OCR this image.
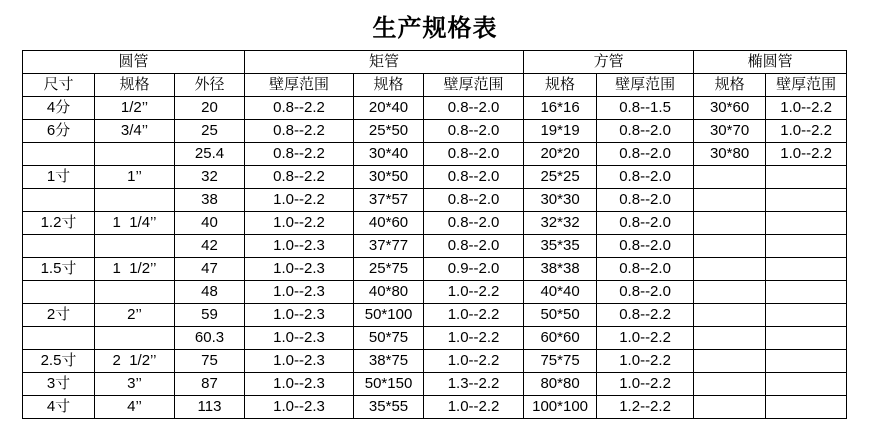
生产规格表
圆管			矩管			方管		椭圆管	
尺寸	规格	外径	壁厚范围	规格	壁厚范围	规格	壁厚范围	规格	壁厚范围
4分	1/2’’	20	0.8--2.2	20*40	0.8--2.0	16*16	0.8--1.5	30*60	1.0--2.2
6分	3/4’’	25	0.8--2.2	25*50	0.8--2.0	19*19	0.8--2.0	30*70	1.0--2.2
		25.4	0.8--2.2	30*40	0.8--2.0	20*20	0.8--2.0	30*80	1.0--2.2
1寸	1’’	32	0.8--2.2	30*50	0.8--2.0	25*25	0.8--2.0		
		38	1.0--2.2	37*57	0.8--2.0	30*30	0.8--2.0		
1.2寸	1  1/4’’	40	1.0--2.2	40*60	0.8--2.0	32*32	0.8--2.0		
		42	1.0--2.3	37*77	0.8--2.0	35*35	0.8--2.0		
1.5寸	1  1/2’’	47	1.0--2.3	25*75	0.9--2.0	38*38	0.8--2.0		
		48	1.0--2.3	40*80	1.0--2.2	40*40	0.8--2.0		
2寸	2’’	59	1.0--2.3	50*100	1.0--2.2	50*50	0.8--2.2		
		60.3	1.0--2.3	50*75	1.0--2.2	60*60	1.0--2.2		
2.5寸	2  1/2’’	75	1.0--2.3	38*75	1.0--2.2	75*75	1.0--2.2		
3寸	3’’	87	1.0--2.3	50*150	1.3--2.2	80*80	1.0--2.2		
4寸	4’’	113	1.0--2.3	35*55	1.0--2.2	100*100	1.2--2.2		
